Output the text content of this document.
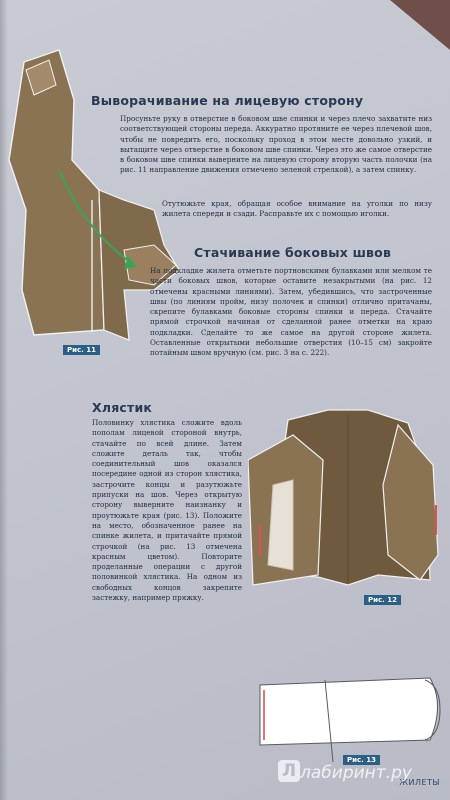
Рис. 11
Выворачивание на лицевую сторону
Просуньте руку в отверстие в боковом шве спинки и через плечо захватите низ соответствующей стороны переда. Аккуратно протяните ее через плечевой шов, чтобы не повредить его, поскольку проход в этом месте довольно узкий, и вытащите через отверстие в боковом шве спинки. Через это же самое отверстие в боковом шве спинки выверните на лицевую сторону вторую часть полочки (на рис. 11 направление движения отмечено зеленой стрелкой), а затем спинку.
Отутюжьте края, обращая особое внимание на уголки по низу жилета спереди и сзади. Расправьте их с помощью иголки.
Стачивание боковых швов
На подкладке жилета отметьте портновскими булавками или мелком те части боковых швов, которые оставите незакрытыми (на рис. 12 отмечены красными линиями). Затем, убедившись, что застроченные швы (по линиям пройм, низу полочек и спинки) отлично притачаны, скрепите булавками боковые стороны спинки и переда. Стачайте прямой строчкой начиная от сделанной ранее отметки на краю подкладки. Сделайте то же самое на другой стороне жилета. Оставленные открытыми небольшие отверстия (10–15 см) закройте потайным швом вручную (см. рис. 3 на с. 222).
Хлястик
Половинку хлястика сложите вдоль пополам лицевой стороной внутрь, стачайте по всей длине. Затем сложите деталь так, чтобы соединительный шов оказался посередине одной из сторон хлястика, застрочите концы и разутюжьте припуски на шов. Через открытую сторону выверните наизнанку и проутюжьте края (рис. 13). Положите на место, обозначенное ранее на спинке жилета, и притачайте прямой строчкой (на рис. 13 отмечена красным цветом). Повторите проделанные операции с другой половинкой хлястика. На одном из свободных концов закрепите застежку, например пряжку.	Рис. 12
Рис. 13
ЖИЛЕТЫ
Л лабиринт.ру
